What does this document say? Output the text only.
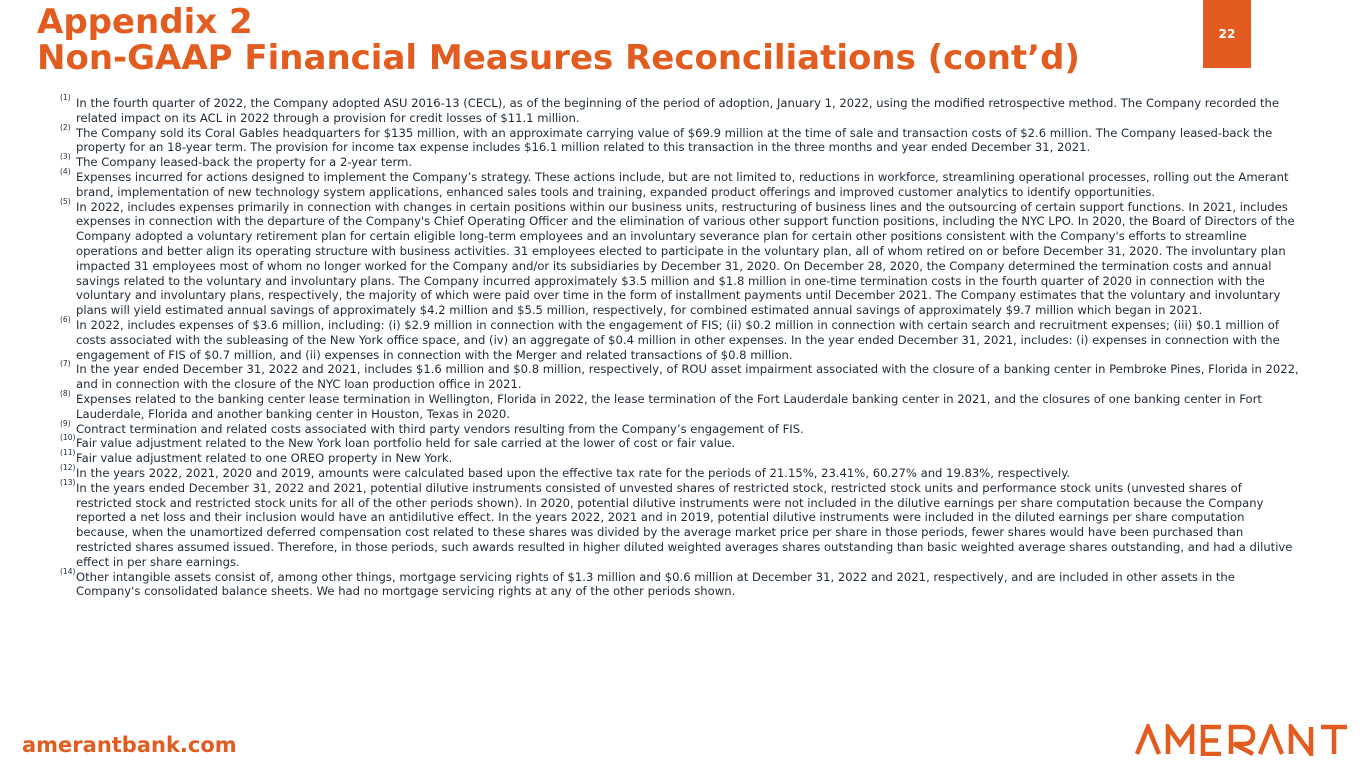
Appendix 2
Non-GAAP Financial Measures Reconciliations (cont’d)
22
(1) In the fourth quarter of 2022, the Company adopted ASU 2016-13 (CECL), as of the beginning of the period of adoption, January 1, 2022, using the modified retrospective method. The Company recorded the related impact on its ACL in 2022 through a provision for credit losses of $11.1 million.
(2) The Company sold its Coral Gables headquarters for $135 million, with an approximate carrying value of $69.9 million at the time of sale and transaction costs of $2.6 million. The Company leased-back the property for an 18-year term. The provision for income tax expense includes $16.1 million related to this transaction in the three months and year ended December 31, 2021.
(3) The Company leased-back the property for a 2-year term.
(4) Expenses incurred for actions designed to implement the Company’s strategy. These actions include, but are not limited to, reductions in workforce, streamlining operational processes, rolling out the Amerant brand, implementation of new technology system applications, enhanced sales tools and training, expanded product offerings and improved customer analytics to identify opportunities.
(5) In 2022, includes expenses primarily in connection with changes in certain positions within our business units, restructuring of business lines and the outsourcing of certain support functions. In 2021, includes expenses in connection with the departure of the Company's Chief Operating Officer and the elimination of various other support function positions, including the NYC LPO. In 2020, the Board of Directors of the Company adopted a voluntary retirement plan for certain eligible long-term employees and an involuntary severance plan for certain other positions consistent with the Company's efforts to streamline operations and better align its operating structure with business activities. 31 employees elected to participate in the voluntary plan, all of whom retired on or before December 31, 2020. The involuntary plan impacted 31 employees most of whom no longer worked for the Company and/or its subsidiaries by December 31, 2020. On December 28, 2020, the Company determined the termination costs and annual savings related to the voluntary and involuntary plans. The Company incurred approximately $3.5 million and $1.8 million in one-time termination costs in the fourth quarter of 2020 in connection with the voluntary and involuntary plans, respectively, the majority of which were paid over time in the form of installment payments until December 2021. The Company estimates that the voluntary and involuntary plans will yield estimated annual savings of approximately $4.2 million and $5.5 million, respectively, for combined estimated annual savings of approximately $9.7 million which began in 2021.
(6) In 2022, includes expenses of $3.6 million, including: (i) $2.9 million in connection with the engagement of FIS; (ii) $0.2 million in connection with certain search and recruitment expenses; (iii) $0.1 million of costs associated with the subleasing of the New York office space, and (iv) an aggregate of $0.4 million in other expenses. In the year ended December 31, 2021, includes: (i) expenses in connection with the engagement of FIS of $0.7 million, and (ii) expenses in connection with the Merger and related transactions of $0.8 million.
(7) In the year ended December 31, 2022 and 2021, includes $1.6 million and $0.8 million, respectively, of ROU asset impairment associated with the closure of a banking center in Pembroke Pines, Florida in 2022, and in connection with the closure of the NYC loan production office in 2021.
(8) Expenses related to the banking center lease termination in Wellington, Florida in 2022, the lease termination of the Fort Lauderdale banking center in 2021, and the closures of one banking center in Fort Lauderdale, Florida and another banking center in Houston, Texas in 2020.
(9) Contract termination and related costs associated with third party vendors resulting from the Company’s engagement of FIS.
(10) Fair value adjustment related to the New York loan portfolio held for sale carried at the lower of cost or fair value.
(11) Fair value adjustment related to one OREO property in New York.
(12) In the years 2022, 2021, 2020 and 2019, amounts were calculated based upon the effective tax rate for the periods of 21.15%, 23.41%, 60.27% and 19.83%, respectively.
(13) In the years ended December 31, 2022 and 2021, potential dilutive instruments consisted of unvested shares of restricted stock, restricted stock units and performance stock units (unvested shares of restricted stock and restricted stock units for all of the other periods shown). In 2020, potential dilutive instruments were not included in the dilutive earnings per share computation because the Company reported a net loss and their inclusion would have an antidilutive effect. In the years 2022, 2021 and in 2019, potential dilutive instruments were included in the diluted earnings per share computation because, when the unamortized deferred compensation cost related to these shares was divided by the average market price per share in those periods, fewer shares would have been purchased than restricted shares assumed issued. Therefore, in those periods, such awards resulted in higher diluted weighted averages shares outstanding than basic weighted average shares outstanding, and had a dilutive effect in per share earnings.
(14) Other intangible assets consist of, among other things, mortgage servicing rights of $1.3 million and $0.6 million at December 31, 2022 and 2021, respectively, and are included in other assets in the Company's consolidated balance sheets. We had no mortgage servicing rights at any of the other periods shown.
amerantbank.com
